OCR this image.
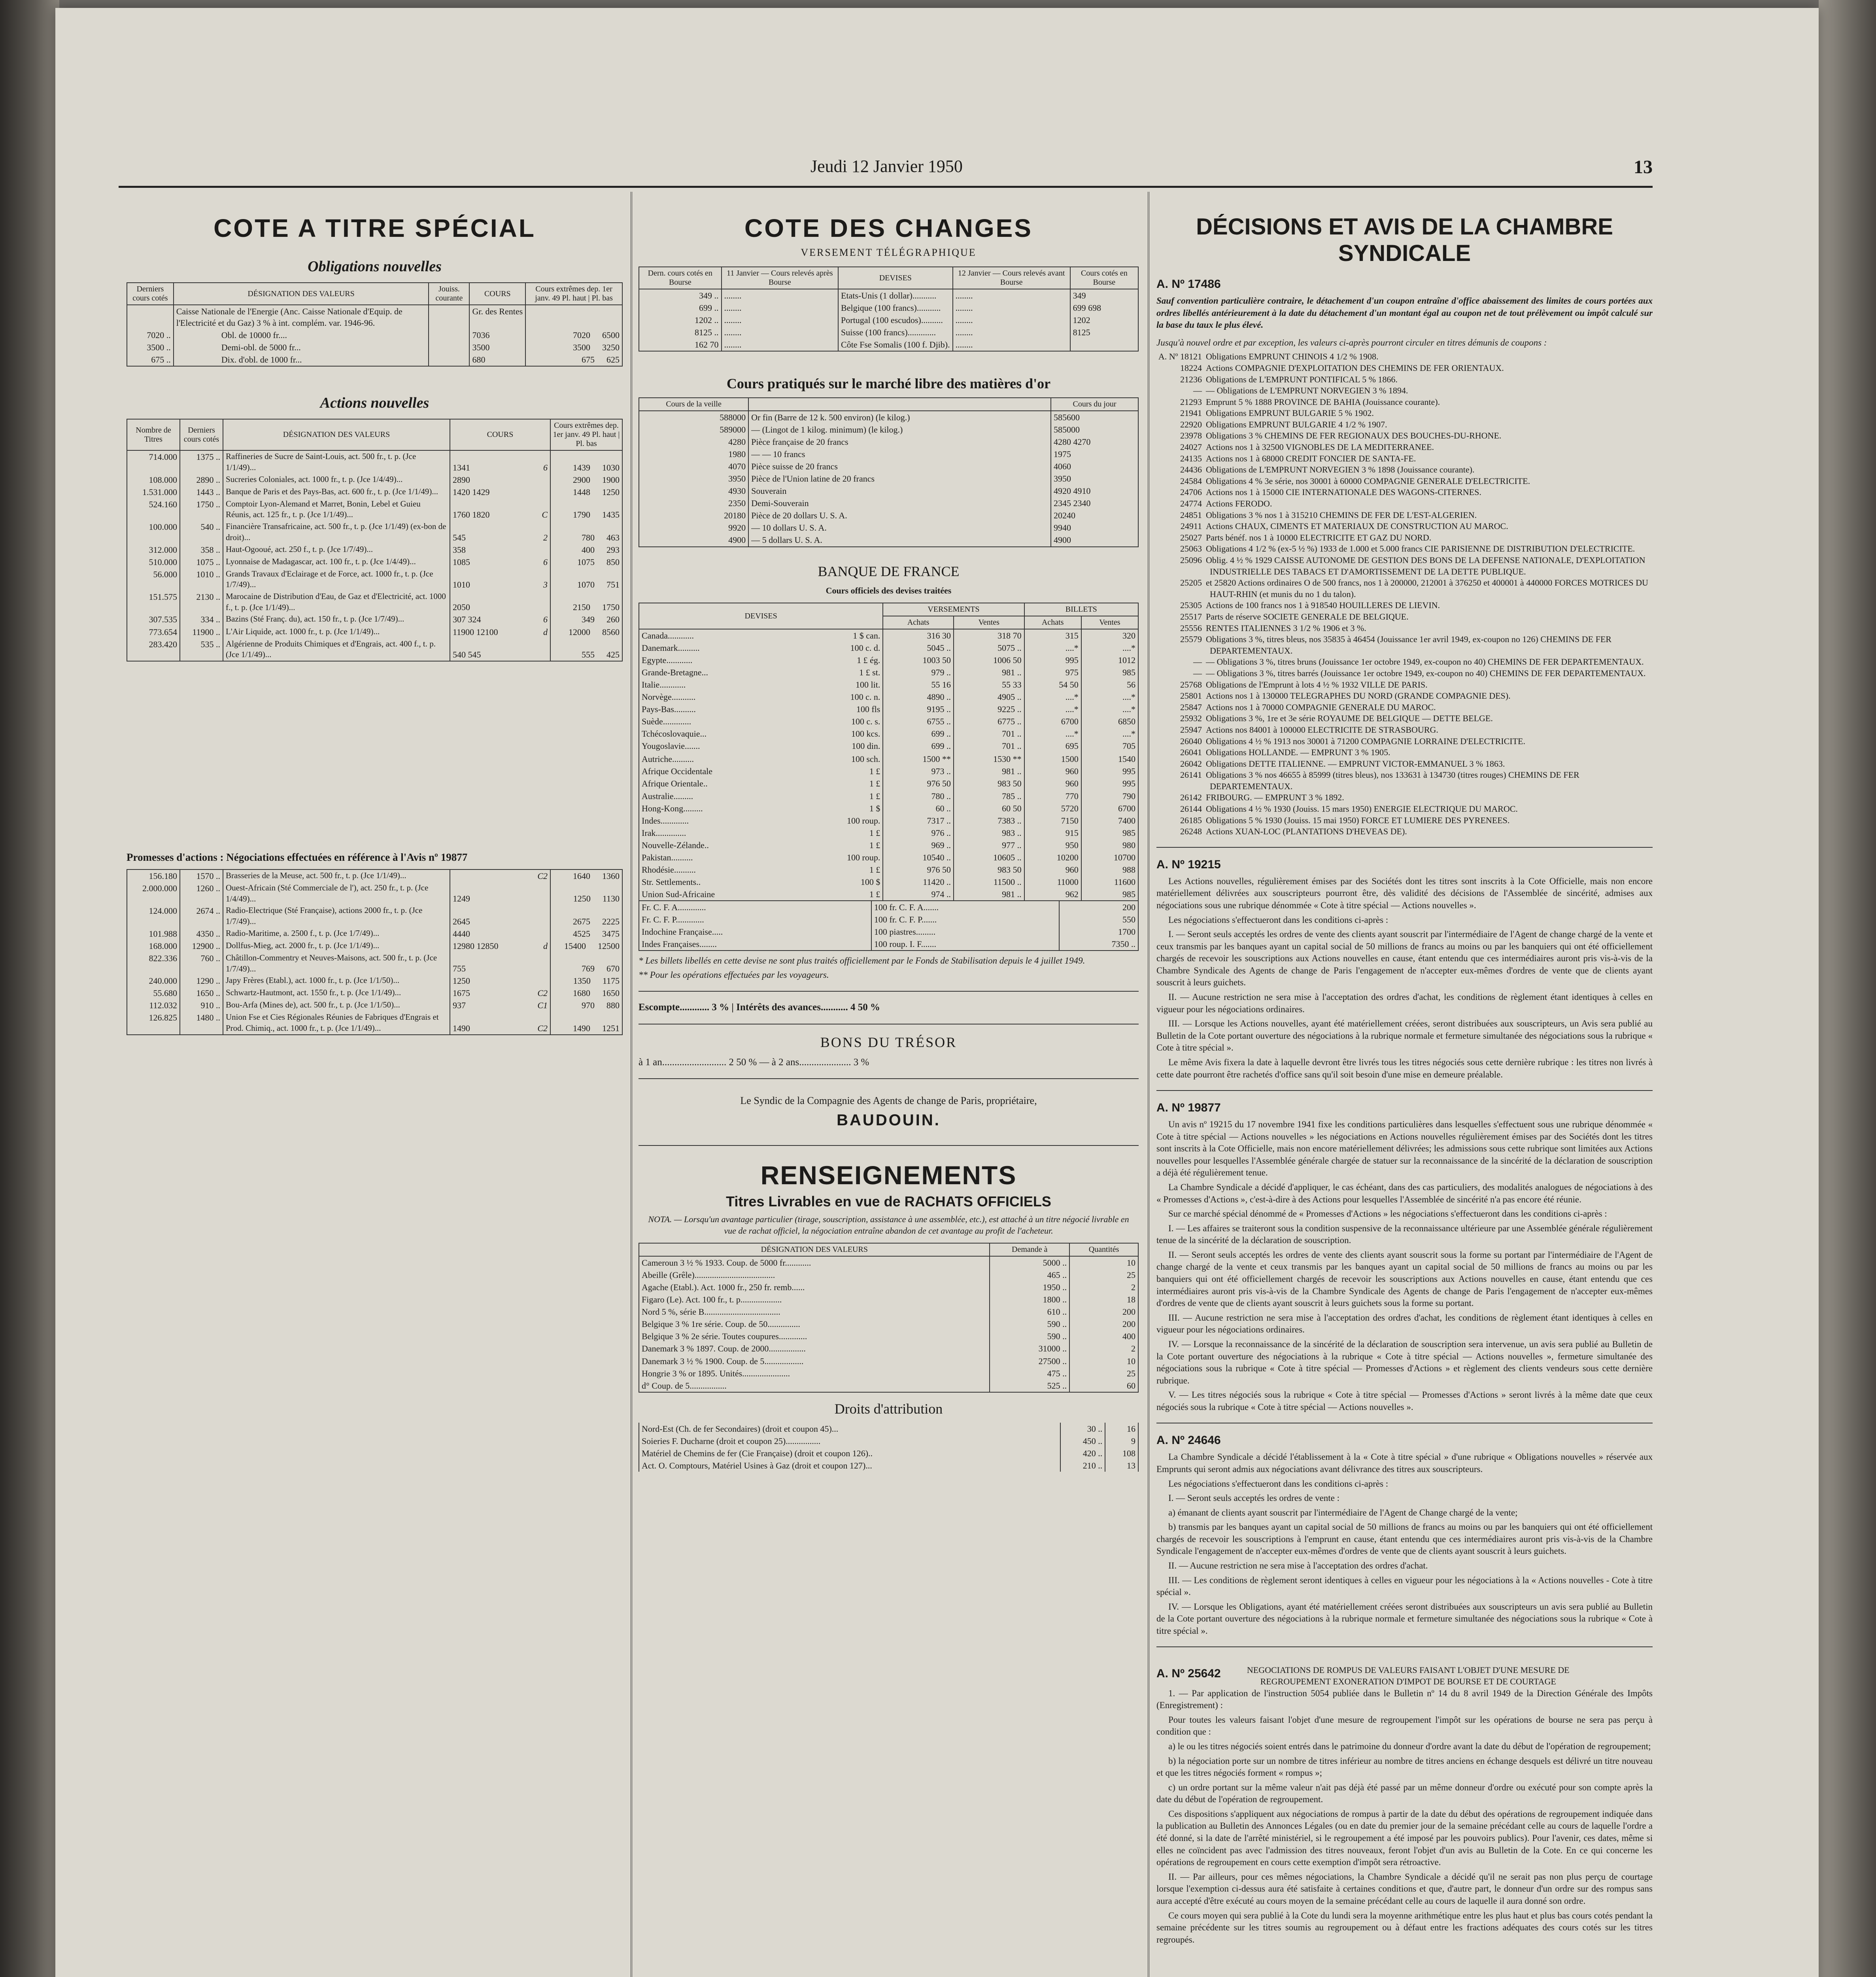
Jeudi 12 Janvier 1950	13
COTE A TITRE SPÉCIAL
Obligations nouvelles
Derniers cours cotés	DÉSIGNATION DES VALEURS	Jouiss. courante	COURS	Cours extrêmes dep. 1er janv. 49 Pl. haut | Pl. bas
	Caisse Nationale de l'Energie (Anc. Caisse Nationale d'Equip. de l'Electricité et du Gaz) 3 % à int. complém. var. 1946-96.		Gr. des Rentes	
7020 ..	Obl. de 10000 fr....		7036	7020 6500
3500 ..	Demi-obl. de 5000 fr...		3500	3500 3250
675 ..	Dix. d'obl. de 1000 fr...		680	675 625
Actions nouvelles
Nombre de Titres	Derniers cours cotés	DÉSIGNATION DES VALEURS	COURS	Cours extrêmes dep. 1er janv. 49 Pl. haut | Pl. bas
714.000	1375 ..	Raffineries de Sucre de Saint-Louis, act. 500 fr., t. p. (Jce 1/1/49)...	1341 6	1439 1030
108.000	2890 ..	Sucreries Coloniales, act. 1000 fr., t. p. (Jce 1/4/49)...	2890	2900 1900
1.531.000	1443 ..	Banque de Paris et des Pays-Bas, act. 600 fr., t. p. (Jce 1/1/49)...	1420 1429	1448 1250
524.160	1750 ..	Comptoir Lyon-Alemand et Marret, Bonin, Lebel et Guieu Réunis, act. 125 fr., t. p. (Jce 1/1/49)...	1760 1820 C	1790 1435
100.000	540 ..	Financière Transafricaine, act. 500 fr., t. p. (Jce 1/1/49) (ex-bon de droit)...	545 2	780 463
312.000	358 ..	Haut-Ogooué, act. 250 f., t. p. (Jce 1/7/49)...	358	400 293
510.000	1075 ..	Lyonnaise de Madagascar, act. 100 fr., t. p. (Jce 1/4/49)...	1085 6	1075 850
56.000	1010 ..	Grands Travaux d'Eclairage et de Force, act. 1000 fr., t. p. (Jce 1/7/49)...	1010 3	1070 751
151.575	2130 ..	Marocaine de Distribution d'Eau, de Gaz et d'Electricité, act. 1000 f., t. p. (Jce 1/1/49)...	2050	2150 1750
307.535	334 ..	Bazins (Sté Franç. du), act. 150 fr., t. p. (Jce 1/7/49)...	307 324 6	349 260
773.654	11900 ..	L'Air Liquide, act. 1000 fr., t. p. (Jce 1/1/49)...	11900 12100 d	12000 8560
283.420	535 ..	Algérienne de Produits Chimiques et d'Engrais, act. 400 f., t. p. (Jce 1/1/49)...	540 545	555 425
Promesses d'actions : Négociations effectuées en référence à l'Avis nº 19877
156.180	1570 ..	Brasseries de la Meuse, act. 500 fr., t. p. (Jce 1/1/49)...	C2	1640 1360
2.000.000	1260 ..	Ouest-Africain (Sté Commerciale de l'), act. 250 fr., t. p. (Jce 1/4/49)...	1249	1250 1130
124.000	2674 ..	Radio-Electrique (Sté Française), actions 2000 fr., t. p. (Jce 1/7/49)...	2645	2675 2225
101.988	4350 ..	Radio-Maritime, a. 2500 f., t. p. (Jce 1/7/49)...	4440	4525 3475
168.000	12900 ..	Dollfus-Mieg, act. 2000 fr., t. p. (Jce 1/1/49)...	12980 12850 d	15400 12500
822.336	760 ..	Châtillon-Commentry et Neuves-Maisons, act. 500 fr., t. p. (Jce 1/7/49)...	755	769 670
240.000	1290 ..	Japy Frères (Etabl.), act. 1000 fr., t. p. (Jce 1/1/50)...	1250	1350 1175
55.680	1650 ..	Schwartz-Hautmont, act. 1550 fr., t. p. (Jce 1/1/49)...	1675 C2	1680 1650
112.032	910 ..	Bou-Arfa (Mines de), act. 500 fr., t. p. (Jce 1/1/50)...	937 C1	970 880
126.825	1480 ..	Union Fse et Cies Régionales Réunies de Fabriques d'Engrais et Prod. Chimiq., act. 1000 fr., t. p. (Jce 1/1/49)...	1490 C2	1490 1251
COTE DES CHANGES
VERSEMENT TÉLÉGRAPHIQUE
Dern. cours cotés en Bourse	11 Janvier — Cours relevés après Bourse	DEVISES	12 Janvier — Cours relevés avant Bourse	Cours cotés en Bourse
349 ..	........	Etats-Unis (1 dollar)...........	........	349
699 ..	........	Belgique (100 francs)...........	........	699 698
1202 ..	........	Portugal (100 escudos)..........	........	1202
8125 ..	........	Suisse (100 francs).............	........	8125
162 70	........	Côte Fse Somalis (100 f. Djib).	........	
Cours pratiqués sur le marché libre des matières d'or
Cours de la veille		Cours du jour
588000	Or fin (Barre de 12 k. 500 environ) (le kilog.)	585600
589000	— (Lingot de 1 kilog. minimum) (le kilog.)	585000
4280	Pièce française de 20 francs	4280 4270
1980	— — 10 francs	1975
4070	Pièce suisse de 20 francs	4060
3950	Pièce de l'Union latine de 20 francs	3950
4930	Souverain	4920 4910
2350	Demi-Souverain	2345 2340
20180	Pièce de 20 dollars U. S. A.	20240
9920	— 10 dollars U. S. A.	9940
4900	— 5 dollars U. S. A.	4900
BANQUE DE FRANCE
Cours officiels des devises traitées
DEVISES		VERSEMENTS		BILLETS	
		Achats	Ventes	Achats	Ventes
Canada............	1 $ can.	316 30	318 70	315	320
Danemark..........	100 c. d.	5045 ..	5075 ..	....*	....*
Egypte............	1 £ ég.	1003 50	1006 50	995	1012
Grande-Bretagne...	1 £ st.	979 ..	981 ..	975	985
Italie............	100 lit.	55 16	55 33	54 50	56
Norvège...........	100 c. n.	4890 ..	4905 ..	....*	....*
Pays-Bas..........	100 fls	9195 ..	9225 ..	....*	....*
Suède.............	100 c. s.	6755 ..	6775 ..	6700	6850
Tchécoslovaquie...	100 kcs.	699 ..	701 ..	....*	....*
Yougoslavie.......	100 din.	699 ..	701 ..	695	705

Autriche..........	100 sch.	1500 **	1530 **	1500	1540
Afrique Occidentale	1 £	973 ..	981 ..	960	995
Afrique Orientale..	1 £	976 50	983 50	960	995
Australie.........	1 £	780 ..	785 ..	770	790
Hong-Kong.........	1 $	60 ..	60 50	5720	6700
Indes.............	100 roup.	7317 ..	7383 ..	7150	7400
Irak..............	1 £	976 ..	983 ..	915	985
Nouvelle-Zélande..	1 £	969 ..	977 ..	950	980
Pakistan..........	100 roup.	10540 ..	10605 ..	10200	10700
Rhodésie..........	1 £	976 50	983 50	960	988
Str. Settlements..	100 $	11420 ..	11500 ..	11000	11600
Union Sud-Africaine	1 £	974 ..	981 ..	962	985
Fr. C. F. A.............	100 fr. C. F. A.......	200
Fr. C. F. P.............	100 fr. C. F. P.......	550
Indochine Française.....	100 piastres.........	1700
Indes Françaises........	100 roup. I. F.......	7350 ..

* Les billets libellés en cette devise ne sont plus traités officiellement par le Fonds de Stabilisation depuis le 4 juillet 1949.

** Pour les opérations effectuées par les voyageurs.

Escompte............ 3 % | Intérêts des avances........... 4 50 %
BONS DU TRÉSOR
à 1 an.......................... 2 50 % — à 2 ans..................... 3 %
Le Syndic de la Compagnie des Agents de change de Paris, propriétaire,
BAUDOUIN.
RENSEIGNEMENTS
Titres Livrables en vue de RACHATS OFFICIELS
NOTA. — Lorsqu'un avantage particulier (tirage, souscription, assistance à une assemblée, etc.), est attaché à un titre négocié livrable en vue de rachat officiel, la négociation entraîne abandon de cet avantage au profit de l'acheteur.
DÉSIGNATION DES VALEURS	Demande à	Quantités
Cameroun 3 ½ % 1933. Coup. de 5000 fr............	5000 ..	10
Abeille (Grêle).....................................	465 ..	25
Agache (Etabl.). Act. 1000 fr., 250 fr. remb......	1950 ..	2
Figaro (Le). Act. 100 fr., t. p...................	1800 ..	18
Nord 5 %, série B...................................	610 ..	200
Belgique 3 % 1re série. Coup. de 50...............	590 ..	200
Belgique 3 % 2e série. Toutes coupures.............	590 ..	400
Danemark 3 % 1897. Coup. de 2000.................	31000 ..	2
Danemark 3 ½ % 1900. Coup. de 5..................	27500 ..	10
Hongrie 3 % or 1895. Unités......................	475 ..	25
d° Coup. de 5.................	525 ..	60
Droits d'attribution
Nord-Est (Ch. de fer Secondaires) (droit et coupon 45)...	30 ..	16
Soieries F. Ducharne (droit et coupon 25)................	450 ..	9
Matériel de Chemins de fer (Cie Française) (droit et coupon 126)..	420 ..	108
Act. O. Comptours, Matériel Usines à Gaz (droit et coupon 127)...	210 ..	13
DÉCISIONS ET AVIS DE LA CHAMBRE SYNDICALE
A. Nº 17486

Sauf convention particulière contraire, le détachement d'un coupon entraîne d'office abaissement des limites de cours portées aux ordres libellés antérieurement à la date du détachement d'un montant égal au coupon net de tout prélèvement ou impôt calculé sur la base du taux le plus élevé.

Jusqu'à nouvel ordre et par exception, les valeurs ci-après pourront circuler en titres démunis de coupons :

A. Nº 18121 Obligations EMPRUNT CHINOIS 4 1/2 % 1908.
18224 Actions COMPAGNIE D'EXPLOITATION DES CHEMINS DE FER ORIENTAUX.
21236 Obligations de L'EMPRUNT PONTIFICAL 5 % 1866.
— — Obligations de L'EMPRUNT NORVEGIEN 3 % 1894.
21293 Emprunt 5 % 1888 PROVINCE DE BAHIA (Jouissance courante).
21941 Obligations EMPRUNT BULGARIE 5 % 1902.
22920 Obligations EMPRUNT BULGARIE 4 1/2 % 1907.
23978 Obligations 3 % CHEMINS DE FER REGIONAUX DES BOUCHES-DU-RHONE.
24027 Actions nos 1 à 32500 VIGNOBLES DE LA MEDITERRANEE.
24135 Actions nos 1 à 68000 CREDIT FONCIER DE SANTA-FE.
24436 Obligations de L'EMPRUNT NORVEGIEN 3 % 1898 (Jouissance courante).
24584 Obligations 4 % 3e série, nos 30001 à 60000 COMPAGNIE GENERALE D'ELECTRICITE.
24706 Actions nos 1 à 15000 CIE INTERNATIONALE DES WAGONS-CITERNES.
24774 Actions FERODO.
24851 Obligations 3 % nos 1 à 315210 CHEMINS DE FER DE L'EST-ALGERIEN.
24911 Actions CHAUX, CIMENTS ET MATERIAUX DE CONSTRUCTION AU MAROC.
25027 Parts bénéf. nos 1 à 10000 ELECTRICITE ET GAZ DU NORD.
25063 Obligations 4 1/2 % (ex-5 ½ %) 1933 de 1.000 et 5.000 francs CIE PARISIENNE DE DISTRIBUTION D'ELECTRICITE.
25096 Oblig. 4 ½ % 1929 CAISSE AUTONOME DE GESTION DES BONS DE LA DEFENSE NATIONALE, D'EXPLOITATION INDUSTRIELLE DES TABACS ET D'AMORTISSEMENT DE LA DETTE PUBLIQUE.
25205 et 25820 Actions ordinaires O de 500 francs, nos 1 à 200000, 212001 à 376250 et 400001 à 440000 FORCES MOTRICES DU HAUT-RHIN (et munis du no 1 du talon).
25305 Actions de 100 francs nos 1 à 918540 HOUILLERES DE LIEVIN.
25517 Parts de réserve SOCIETE GENERALE DE BELGIQUE.
25556 RENTES ITALIENNES 3 1/2 % 1906 et 3 %.
25579 Obligations 3 %, titres bleus, nos 35835 à 46454 (Jouissance 1er avril 1949, ex-coupon no 126) CHEMINS DE FER DEPARTEMENTAUX.
— — Obligations 3 %, titres bruns (Jouissance 1er octobre 1949, ex-coupon no 40) CHEMINS DE FER DEPARTEMENTAUX.
— — Obligations 3 %, titres barrés (Jouissance 1er octobre 1949, ex-coupon no 40) CHEMINS DE FER DEPARTEMENTAUX.
25768 Obligations de l'Emprunt à lots 4 ½ % 1932 VILLE DE PARIS.
25801 Actions nos 1 à 130000 TELEGRAPHES DU NORD (GRANDE COMPAGNIE DES).
25847 Actions nos 1 à 70000 COMPAGNIE GENERALE DU MAROC.
25932 Obligations 3 %, 1re et 3e série ROYAUME DE BELGIQUE — DETTE BELGE.
25947 Actions nos 84001 à 100000 ELECTRICITE DE STRASBOURG.
26040 Obligations 4 ½ % 1913 nos 30001 à 71200 COMPAGNIE LORRAINE D'ELECTRICITE.
26041 Obligations HOLLANDE. — EMPRUNT 3 % 1905.
26042 Obligations DETTE ITALIENNE. — EMPRUNT VICTOR-EMMANUEL 3 % 1863.
26141 Obligations 3 % nos 46655 à 85999 (titres bleus), nos 133631 à 134730 (titres rouges) CHEMINS DE FER DEPARTEMENTAUX.
26142 FRIBOURG. — EMPRUNT 3 % 1892.
26144 Obligations 4 ½ % 1930 (Jouiss. 15 mars 1950) ENERGIE ELECTRIQUE DU MAROC.
26185 Obligations 5 % 1930 (Jouiss. 15 mai 1950) FORCE ET LUMIERE DES PYRENEES.
26248 Actions XUAN-LOC (PLANTATIONS D'HEVEAS DE).
A. Nº 19215

Les Actions nouvelles, régulièrement émises par des Sociétés dont les titres sont inscrits à la Cote Officielle, mais non encore matériellement délivrées aux souscripteurs pourront être, dès validité des décisions de l'Assemblée de sincérité, admises aux négociations sous une rubrique dénommée « Cote à titre spécial — Actions nouvelles ».

Les négociations s'effectueront dans les conditions ci-après :

I. — Seront seuls acceptés les ordres de vente des clients ayant souscrit par l'intermédiaire de l'Agent de change chargé de la vente et ceux transmis par les banques ayant un capital social de 50 millions de francs au moins ou par les banquiers qui ont été officiellement chargés de recevoir les souscriptions aux Actions nouvelles en cause, étant entendu que ces intermédiaires auront pris vis-à-vis de la Chambre Syndicale des Agents de change de Paris l'engagement de n'accepter eux-mêmes d'ordres de vente que de clients ayant souscrit à leurs guichets.

II. — Aucune restriction ne sera mise à l'acceptation des ordres d'achat, les conditions de règlement étant identiques à celles en vigueur pour les négociations ordinaires.

III. — Lorsque les Actions nouvelles, ayant été matériellement créées, seront distribuées aux souscripteurs, un Avis sera publié au Bulletin de la Cote portant ouverture des négociations à la rubrique normale et fermeture simultanée des négociations sous la rubrique « Cote à titre spécial ».

Le même Avis fixera la date à laquelle devront être livrés tous les titres négociés sous cette dernière rubrique : les titres non livrés à cette date pourront être rachetés d'office sans qu'il soit besoin d'une mise en demeure préalable.

A. Nº 19877

Un avis nº 19215 du 17 novembre 1941 fixe les conditions particulières dans lesquelles s'effectuent sous une rubrique dénommée « Cote à titre spécial — Actions nouvelles » les négociations en Actions nouvelles régulièrement émises par des Sociétés dont les titres sont inscrits à la Cote Officielle, mais non encore matériellement délivrées; les admissions sous cette rubrique sont limitées aux Actions nouvelles pour lesquelles l'Assemblée générale chargée de statuer sur la reconnaissance de la sincérité de la déclaration de souscription a déjà été régulièrement tenue.

La Chambre Syndicale a décidé d'appliquer, le cas échéant, dans des cas particuliers, des modalités analogues de négociations à des « Promesses d'Actions », c'est-à-dire à des Actions pour lesquelles l'Assemblée de sincérité n'a pas encore été réunie.

Sur ce marché spécial dénommé de « Promesses d'Actions » les négociations s'effectueront dans les conditions ci-après :

I. — Les affaires se traiteront sous la condition suspensive de la reconnaissance ultérieure par une Assemblée générale régulièrement tenue de la sincérité de la déclaration de souscription.

II. — Seront seuls acceptés les ordres de vente des clients ayant souscrit sous la forme su portant par l'intermédiaire de l'Agent de change chargé de la vente et ceux transmis par les banques ayant un capital social de 50 millions de francs au moins ou par les banquiers qui ont été officiellement chargés de recevoir les souscriptions aux Actions nouvelles en cause, étant entendu que ces intermédiaires auront pris vis-à-vis de la Chambre Syndicale des Agents de change de Paris l'engagement de n'accepter eux-mêmes d'ordres de vente que de clients ayant souscrit à leurs guichets sous la forme su portant.

III. — Aucune restriction ne sera mise à l'acceptation des ordres d'achat, les conditions de règlement étant identiques à celles en vigueur pour les négociations ordinaires.

IV. — Lorsque la reconnaissance de la sincérité de la déclaration de souscription sera intervenue, un avis sera publié au Bulletin de la Cote portant ouverture des négociations à la rubrique « Cote à titre spécial — Actions nouvelles », fermeture simultanée des négociations sous la rubrique « Cote à titre spécial — Promesses d'Actions » et règlement des clients vendeurs sous cette dernière rubrique.

V. — Les titres négociés sous la rubrique « Cote à titre spécial — Promesses d'Actions » seront livrés à la même date que ceux négociés sous la rubrique « Cote à titre spécial — Actions nouvelles ».

A. Nº 24646

La Chambre Syndicale a décidé l'établissement à la « Cote à titre spécial » d'une rubrique « Obligations nouvelles » réservée aux Emprunts qui seront admis aux négociations avant délivrance des titres aux souscripteurs.

Les négociations s'effectueront dans les conditions ci-après :

I. — Seront seuls acceptés les ordres de vente :

a) émanant de clients ayant souscrit par l'intermédiaire de l'Agent de Change chargé de la vente;

b) transmis par les banques ayant un capital social de 50 millions de francs au moins ou par les banquiers qui ont été officiellement chargés de recevoir les souscriptions à l'emprunt en cause, étant entendu que ces intermédiaires auront pris vis-à-vis de la Chambre Syndicale l'engagement de n'accepter eux-mêmes d'ordres de vente que de clients ayant souscrit à leurs guichets.

II. — Aucune restriction ne sera mise à l'acceptation des ordres d'achat.

III. — Les conditions de règlement seront identiques à celles en vigueur pour les négociations à la « Actions nouvelles - Cote à titre spécial ».

IV. — Lorsque les Obligations, ayant été matériellement créées seront distribuées aux souscripteurs un avis sera publié au Bulletin de la Cote portant ouverture des négociations à la rubrique normale et fermeture simultanée des négociations sous la rubrique « Cote à titre spécial ».

A. Nº 25642	NEGOCIATIONS DE ROMPUS DE VALEURS FAISANT L'OBJET D'UNE MESURE DE REGROUPEMENT EXONERATION D'IMPOT DE BOURSE ET DE COURTAGE

1. — Par application de l'instruction 5054 publiée dans le Bulletin nº 14 du 8 avril 1949 de la Direction Générale des Impôts (Enregistrement) :

Pour toutes les valeurs faisant l'objet d'une mesure de regroupement l'impôt sur les opérations de bourse ne sera pas perçu à condition que :

a) le ou les titres négociés soient entrés dans le patrimoine du donneur d'ordre avant la date du début de l'opération de regroupement;

b) la négociation porte sur un nombre de titres inférieur au nombre de titres anciens en échange desquels est délivré un titre nouveau et que les titres négociés forment « rompus »;

c) un ordre portant sur la même valeur n'ait pas déjà été passé par un même donneur d'ordre ou exécuté pour son compte après la date du début de l'opération de regroupement.

Ces dispositions s'appliquent aux négociations de rompus à partir de la date du début des opérations de regroupement indiquée dans la publication au Bulletin des Annonces Légales (ou en date du premier jour de la semaine précédant celle au cours de laquelle l'ordre a été donné, si la date de l'arrêté ministériel, si le regroupement a été imposé par les pouvoirs publics). Pour l'avenir, ces dates, même si elles ne coïncident pas avec l'admission des titres nouveaux, feront l'objet d'un avis au Bulletin de la Cote. En ce qui concerne les opérations de regroupement en cours cette exemption d'impôt sera rétroactive.

II. — Par ailleurs, pour ces mêmes négociations, la Chambre Syndicale a décidé qu'il ne serait pas non plus perçu de courtage lorsque l'exemption ci-dessus aura été satisfaite à certaines conditions et que, d'autre part, le donneur d'un ordre sur des rompus sans aura accepté d'être exécuté au cours moyen de la semaine précédant celle au cours de laquelle il aura donné son ordre.

Ce cours moyen qui sera publié à la Cote du lundi sera la moyenne arithmétique entre les plus haut et plus bas cours cotés pendant la semaine précédente sur les titres soumis au regroupement ou à défaut entre les fractions adéquates des cours cotés sur les titres regroupés.
